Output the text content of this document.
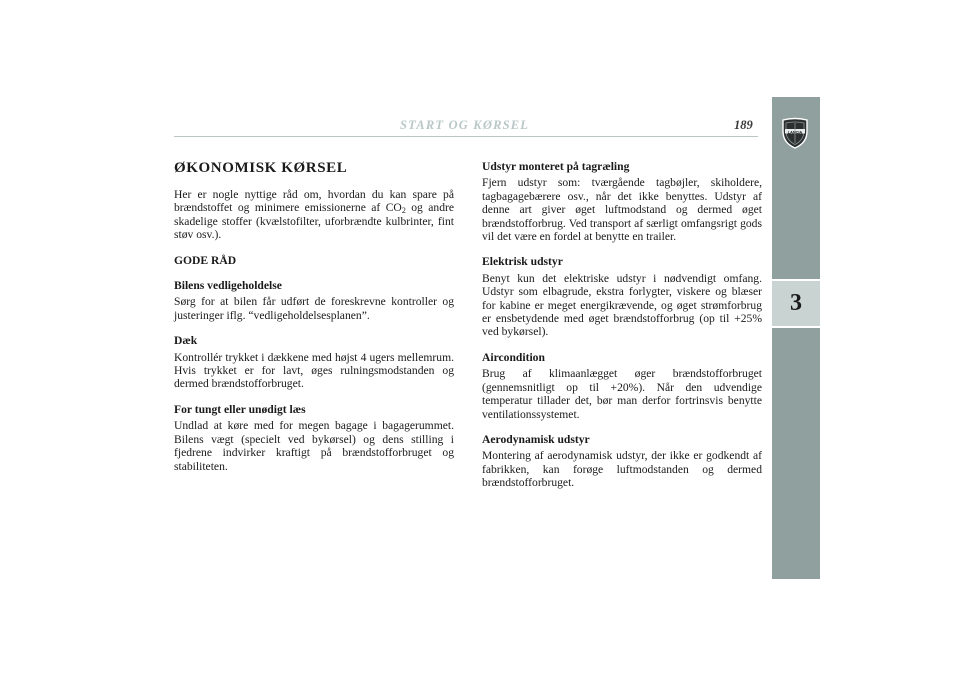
START OG KØRSEL	189
LANCIA
3
ØKONOMISK KØRSEL

Her er nogle nyttige råd om, hvordan du kan spare på brændstoffet og minimere emissionerne af $CO_2$ og andre skadelige stoffer (kvælstofilter, uforbrændte kulbrinter, fint støv osv.).

GODE RÅD

Bilens vedligeholdelse

Sørg for at bilen får udført de foreskrevne kontroller og justeringer iflg. “vedligeholdelsesplanen”.

Dæk

Kontrollér trykket i dækkene med højst 4 ugers mellemrum. Hvis trykket er for lavt, øges rulningsmodstanden og dermed brændstofforbruget.

For tungt eller unødigt læs

Undlad at køre med for megen bagage i bagagerummet. Bilens vægt (specielt ved bykørsel) og dens stilling i fjedrene indvirker kraftigt på brændstofforbruget og stabiliteten.

Udstyr monteret på tagræling

Fjern udstyr som: tværgående tagbøjler, skiholdere, tagbagagebærere osv., når det ikke benyttes. Udstyr af denne art giver øget luftmodstand og dermed øget brændstofforbrug. Ved transport af særligt omfangsrigt gods vil det være en fordel at benytte en trailer.

Elektrisk udstyr

Benyt kun det elektriske udstyr i nødvendigt omfang. Udstyr som elbagrude, ekstra forlygter, viskere og blæser for kabine er meget energikrævende, og øget strømforbrug er ensbetydende med øget brændstofforbrug (op til +25% ved bykørsel).

Aircondition

Brug af klimaanlægget øger brændstofforbruget (gennemsnitligt op til +20%). Når den udvendige temperatur tillader det, bør man derfor fortrinsvis benytte ventilationssystemet.

Aerodynamisk udstyr

Montering af aerodynamisk udstyr, der ikke er godkendt af fabrikken, kan forøge luftmodstanden og dermed brændstofforbruget.
